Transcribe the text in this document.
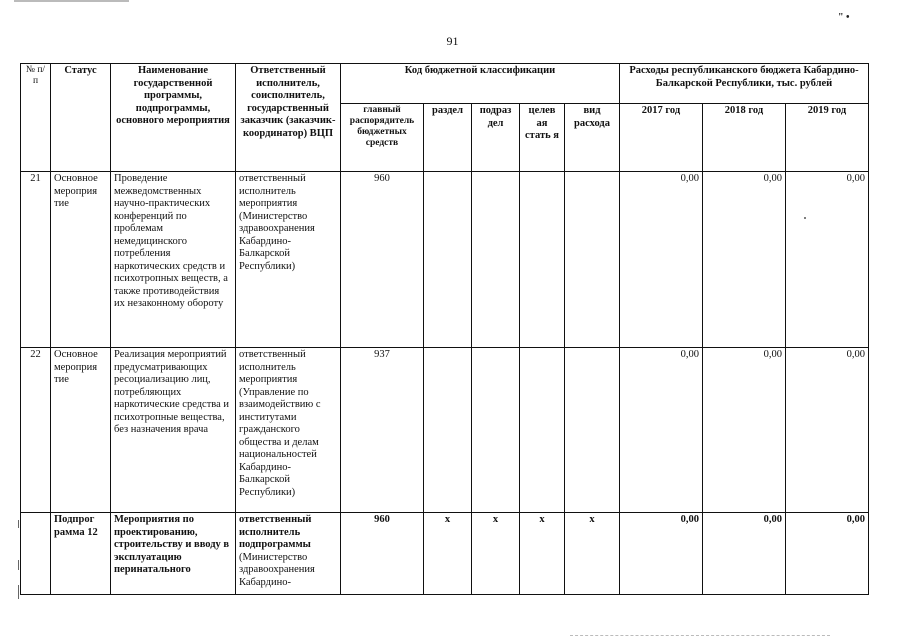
" •
91
№ п/п	Статус	Наименование государственной программы, подпрограммы, основного мероприятия	Ответственный исполнитель, соисполнитель, государственный заказчик (заказчик-координатор) ВЦП	Код бюджетной классификации					Расходы республиканского бюджета Кабардино-Балкарской Республики, тыс. рублей		
				главный распорядитель бюджетных средств	раздел	подраз дел	целев ая стать я	вид расхода	2017 год	2018 год	2019 год
21	Основное мероприя тие	Проведение межведомственных научно-практических конференций по проблемам немедицинского потребления наркотических средств и психотропных веществ, а также противодействия их незаконному обороту	ответственный исполнитель мероприятия (Министерство здравоохранения Кабардино-Балкарской Республики)	960					0,00	0,00	0,00
22	Основное мероприя тие	Реализация мероприятий предусматривающих ресоциализацию лиц, потребляющих наркотические средства и психотропные вещества, без назначения врача	ответственный исполнитель мероприятия (Управление по взаимодействию с институтами гражданского общества и делам национальностей Кабардино-Балкарской Республики)	937					0,00	0,00	0,00
	Подпрог рамма 12	Мероприятия по проектированию, строительству и вводу в эксплуатацию перинатального	ответственный исполнитель подпрограммы (Министерство здравоохранения Кабардино-	960	x	x	x	x	0,00	0,00	0,00
